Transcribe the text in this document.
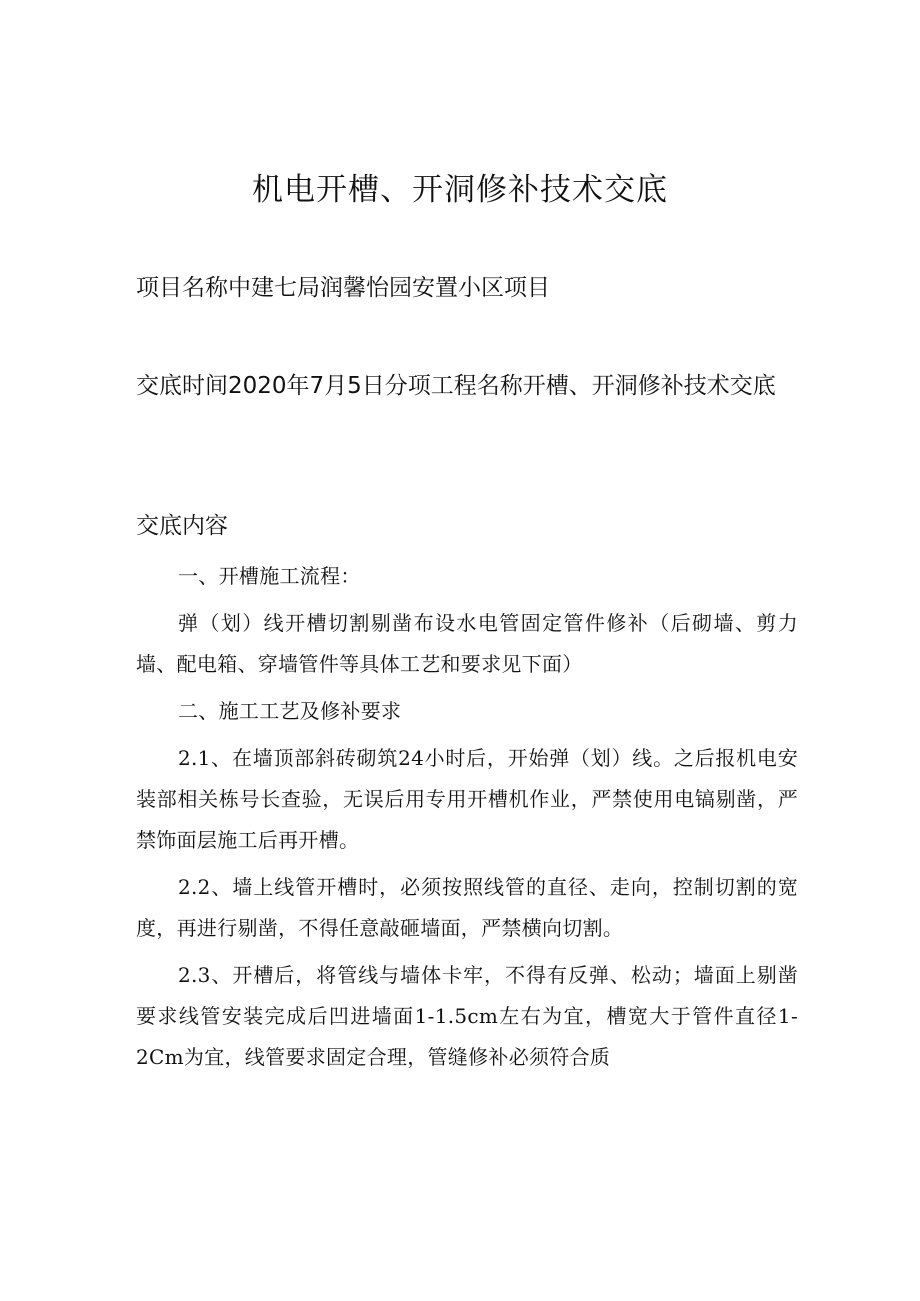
机电开槽、开洞修补技术交底
项目名称中建七局润馨怡园安置小区项目
交底时间2020年7月5日分项工程名称开槽、开洞修补技术交底
交底内容

一、开槽施工流程：

弹（划）线开槽切割剔凿布设水电管固定管件修补（后砌墙、剪力墙、配电箱、穿墙管件等具体工艺和要求见下面）

二、施工工艺及修补要求

2.1、在墙顶部斜砖砌筑24小时后，开始弹（划）线。之后报机电安装部相关栋号长查验，无误后用专用开槽机作业，严禁使用电镐剔凿，严禁饰面层施工后再开槽。

2.2、墙上线管开槽时，必须按照线管的直径、走向，控制切割的宽度，再进行剔凿，不得任意敲砸墙面，严禁横向切割。

2.3、开槽后，将管线与墙体卡牢，不得有反弹、松动；墙面上剔凿要求线管安装完成后凹进墙面1-1.5cm左右为宜，槽宽大于管件直径1-2Cm为宜，线管要求固定合理，管缝修补必须符合质
